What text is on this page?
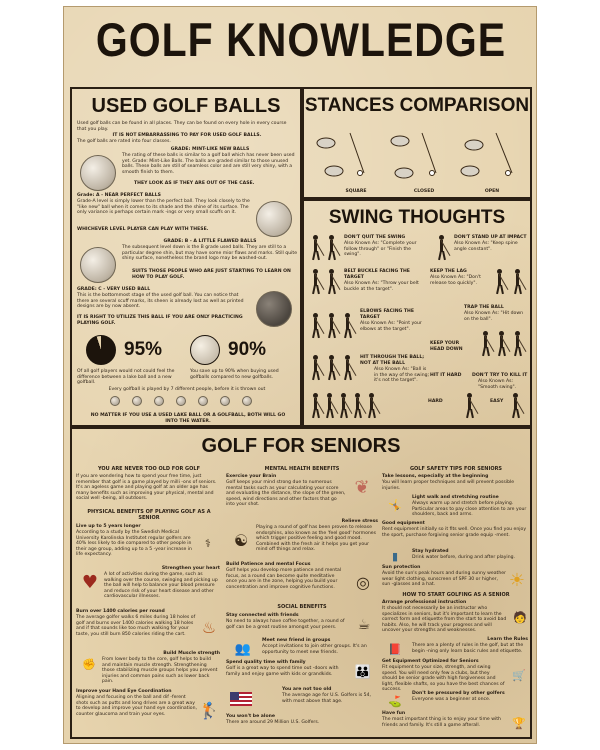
GOLF KNOWLEDGE
USED GOLF BALLS
Used golf balls can be found in all places. They can be found on every hole in every course that you play.
IT IS NOT EMBARRASSING TO PAY FOR USED GOLF BALLS.
The golf balls are rated into four classes.
GRADE: MINT-LIKE NEW BALLS
The rating of these balls is similar to a golf ball which has never been used yet. Grade: Mint-Like Balls. The balls are graded similar to those unused balls. These balls are still of seamless color and are still very shiny, with a smooth finish to them.
THEY LOOK AS IF THEY ARE OUT OF THE CASE.
Grade: A - NEAR PERFECT BALLS
Grade-A level is simply lower than the perfect ball. They look closely to the "like new" ball when it comes to its shade and the shine of its surface. The only variance is perhaps certain mark -ings or very small scuffs on it.
WHICHEVER LEVEL PLAYER CAN PLAY WITH THESE.
GRADE: B - A LITTLE FLAWED BALLS
The subsequent level down is the B grade used balls. They are still to a particular degree shin, but may have some mior flaws and marks. Still quite shiny surface, nonetheless the brand logo may be washed-out.
SUITS THOSE PEOPLE WHO ARE JUST STARTING TO LEARN ON HOW TO PLAY GOLF.
GRADE: C - VERY USED BALL
This is the bottommost stage of the used golf ball. You can notice that there are several scuff marks, its sheen is already lost as well as printed designs are by now absent.
IT IS RIGHT TO UTILIZE THIS BALL IF YOU ARE ONLY PRACTICING PLAYING GOLF.
95%
Of all golf players would not could feel the difference between a lake ball and a new golfball.
90%
You save up to 90% when buying used golfballs compared to new golfballs.
Every golfball is played by 7 different people, before it is thrown out
NO MATTER IF YOU USE A USED LAKE BALL OR A GOLFBALL, BOTH WILL GO INTO THE WATER.
STANCES COMPARISON
SQUARE	CLOSED	OPEN
SWING THOUGHTS
DON'T QUIT THE SWING
Also Known As: "Complete your follow through" or "Finish the swing".
DON'T STAND UP AT IMPACT
Also Known As: "Keep spine angle constant".
BELT BUCKLE FACING THE TARGET
Also Known As: "Throw your belt buckle at the target".
KEEP THE LAG
Also Known As: "Don't release too quickly".
ELBOWS FACING THE TARGET
Also Known As: "Point your elbows at the target".
TRAP THE BALL
Also Known As: "Hit down on the ball".
KEEP YOUR HEAD DOWN
HIT THROUGH THE BALL; NOT AT THE BALL
Also Known As: "Ball is in the way of the swing; it's not the target".
HIT IT HARD	DON'T TRY TO KILL IT
Also Known As: "Smooth swing".
HARD	EASY
GOLF FOR SENIORS
YOU ARE NEVER TOO OLD FOR GOLF
If you are wondering how to spend your free time, just remember that golf is a game played by milli -ons of seniors. It's an ageless game and playing golf at an older age has many benefits such as improving your physical, mental and social well -being, all outdoors.
PHYSICAL BENEFITS OF PLAYING GOLF AS A SENIOR
Live up to 5 years longer
According to a study by the Swedish Medical University Karolinska Institutet regular golfers are 40% less likely to die compared to other people in their age group, adding up to a 5 -year increase in life expectancy.
⚕
Strengthen your heart
♥	A lot of activities during the game, such as walking over the course, swinging and picking up the ball will help to balance your blood pressure and reduce risk of your heart disease and other cardiovascular illnesses.
Burn over 1400 calories per round
The average golfer walks 6 miles during 18 holes of golf and burns over 1400 calories walking 18 holes and if that sounds like too much walking for your taste, you still burn 850 calories riding the cart.	♨
Build Muscle strength
✊	From lower body to the core, golf helps to build and maintain muscle strength. Strengthening those stabilizing muscle groups helps you prevent injuries and common pains such as lower back pain.
Improve your Hand Eye Coordination
Aligning and focusing on the ball and dif -ferent shots such as putts and long drives are a great way to develop and improve your hand eye coordination, counter glaucoma and train your eyes.	🏌
MENTAL HEALTH BENEFITS
Exercise your Brain
Golf keeps your mind strong due to numerous mental tasks such as your calculating your score and evaluating the distance, the slope of the green, speed, wind directions and other factors that go into your shot.
❦
Relieve stress
☯
Playing a round of golf has been proven to release endorphins, also known as the 'feel good' hormones which trigger positive feeling and good mood. Combined with the fresh air it helps you get your mind off things and relax.
Build Patience and mental Focus
Golf helps you develop more patience and mental focus, as a round can become quite meditative once you are in the zone, helping you build your concentration and improve cognitive functions.	◎
SOCIAL BENEFITS
Stay connected with friends
No need to always have coffee together, a round of golf can be a great routine amongst your peers.	☕
Meet new friend in groups
👥	Accept invitations to join other groups. It's an opportunity to meet new friends.
Spend quality time with family
Golf is a great way to spend time out -doors with family and enjoy game with kids or grandkids.	👪
You are not too old
The average age for U.S. Golfers is 54, with most above that age.
You won't be alone
There are around 29 Million U.S. Golfers.
GOLF SAFETY TIPS FOR SENIORS
Take lessons, especially at the beginning
You will learn proper techniques and will prevent possible injuries.
🤸
Light walk and stretching routine
Always warm up and stretch before playing. Particular areas to pay close attention to are your shoulders, back and arms.
Good equipment
Rent equipment initially so it fits well. Once you find you enjoy the sport, purchase forgiving senior grade equip -ment.
▮	Stay hydrated
Drink water before, during and after playing.
Sun protection
Avoid the sun's peak hours and during sunny weather wear light clothing, sunscreen of SPF 30 or higher, sun -glasses and a hat.	☀
HOW TO START GOLFING AS A SENIOR
Arrange professional instruction
It should not necessarily be an instructor who specializes in seniors, but it's important to learn the correct form and etiquette from the start to avoid bad habits. Also, he will track your progress and will uncover your strengths and weaknesses.
🧑
Learn the Rules
📕	There are a plenty of rules in the golf, but at the begin -ning only learn basic rules and etiquette.
Get Equipment Optimized for Seniors
Fit equipment to your size, strength, and swing speed. You will need only few a clubs, but they should be senior grade with high forgiveness and light, flexible shafts, so you have the best chances of success.
🛒
Don't be pressured by other golfers
⛳	Everyone was a beginner at once.
Have fun
The most important thing is to enjoy your time with friends and family. It's still a game afterall.	🏆
